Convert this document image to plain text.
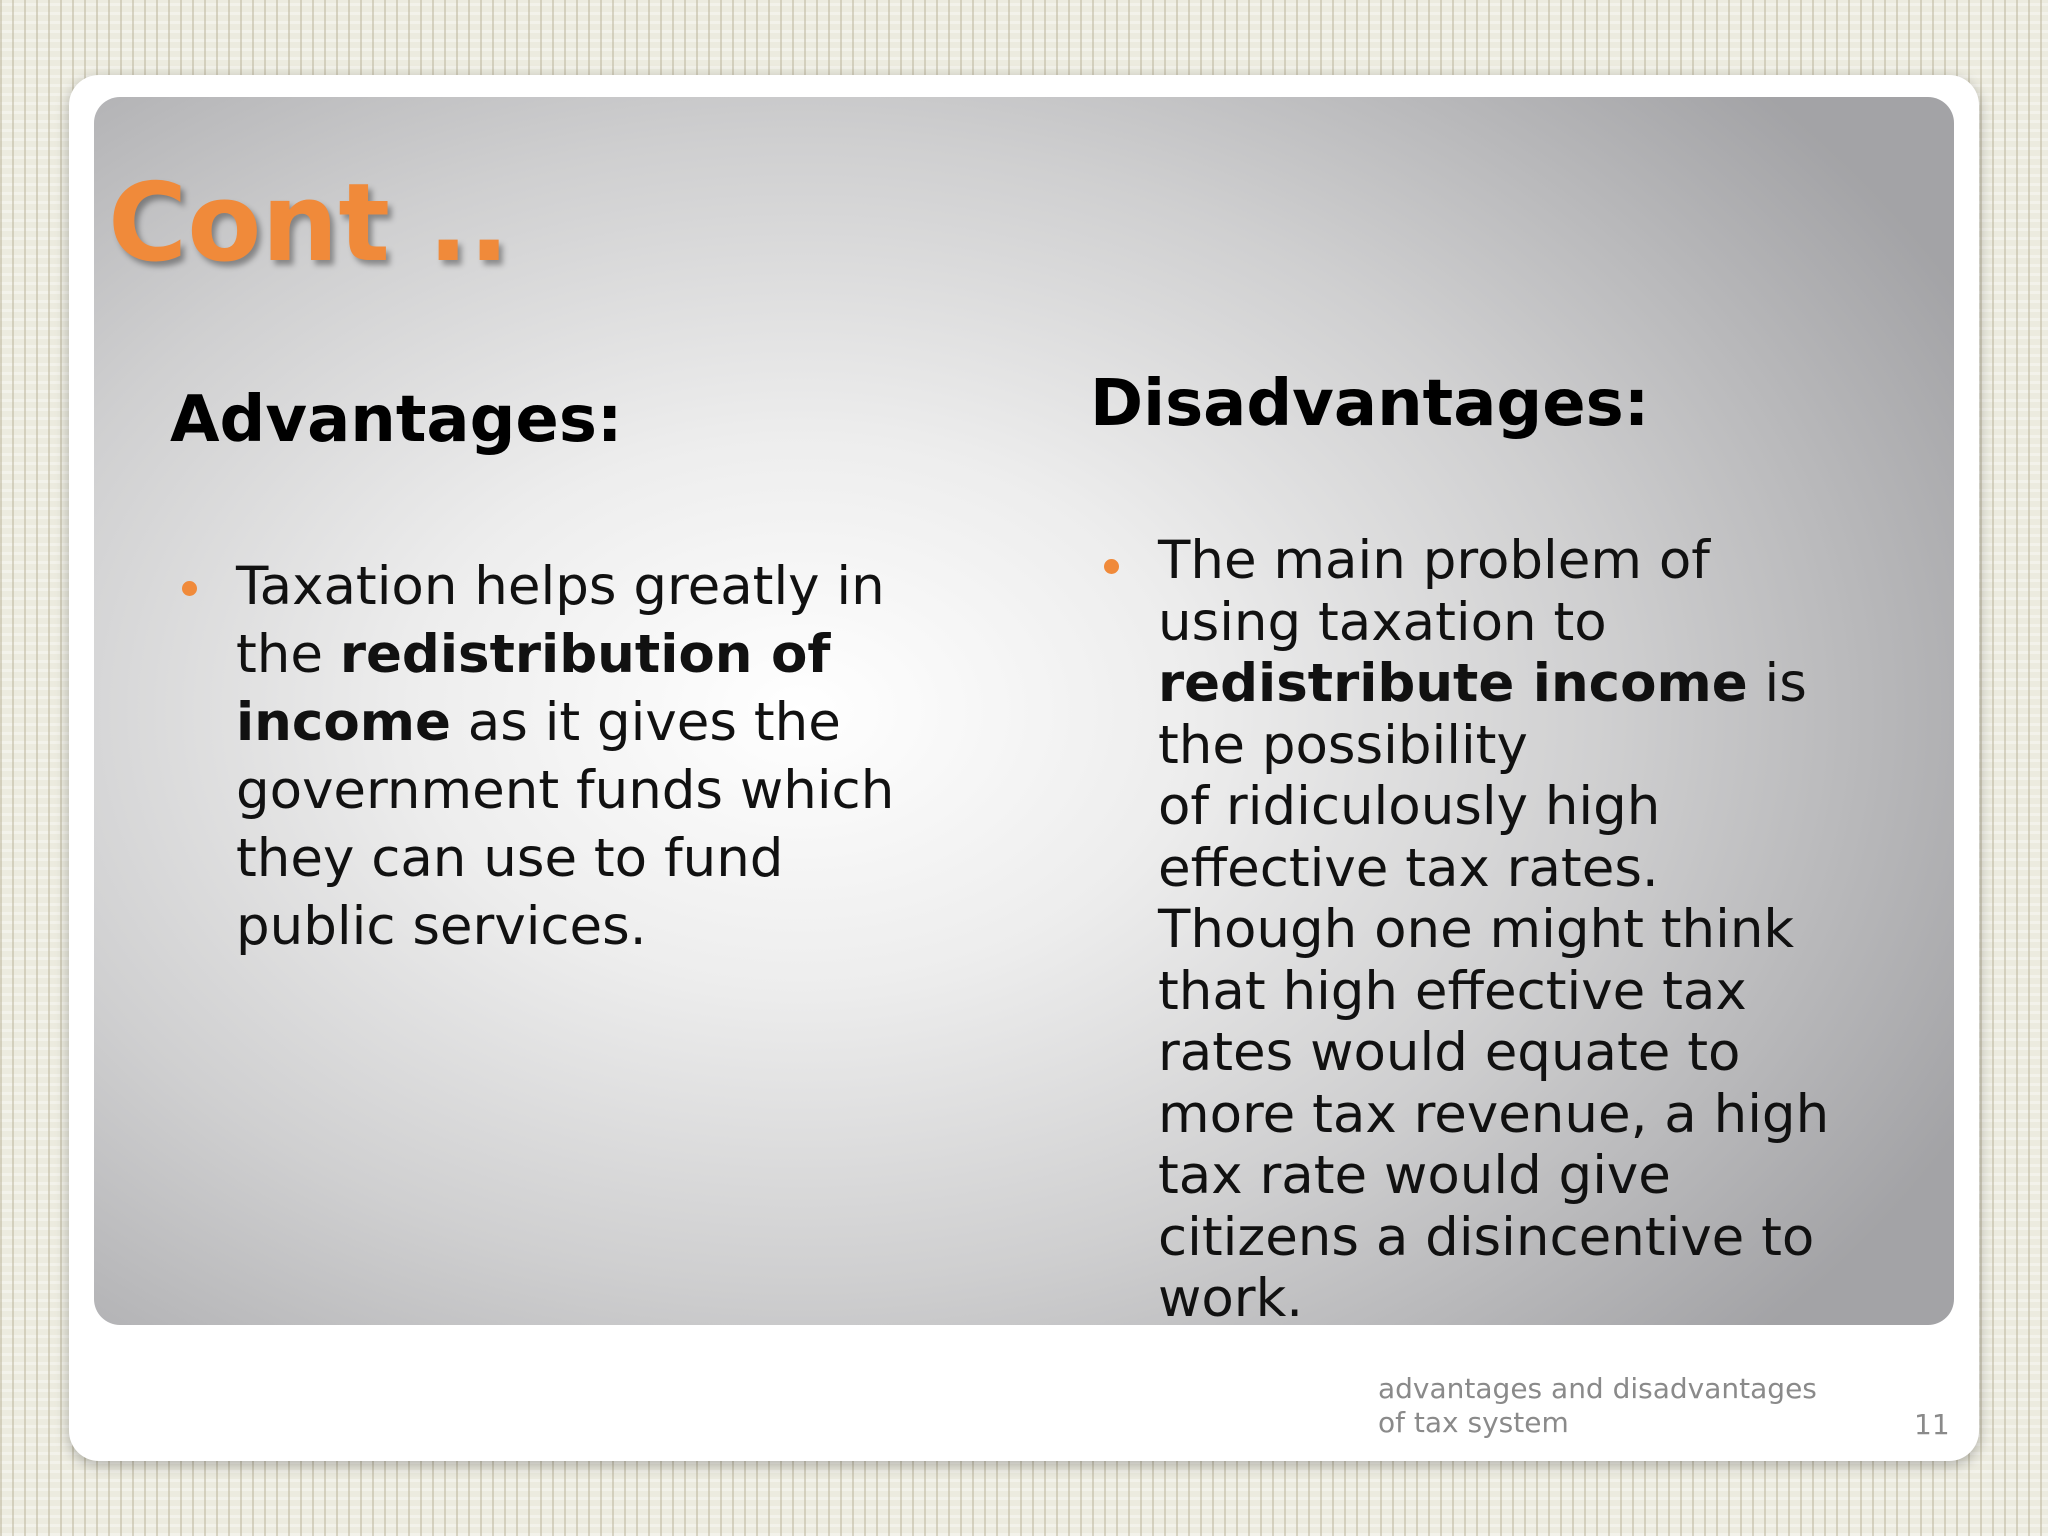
Cont ..
Advantages:	Disadvantages:
Taxation helps greatly in
the redistribution of
income as it gives the
government funds which
they can use to fund
public services.
The main problem of
using taxation to
redistribute income is
the possibility
of ridiculously high
effective tax rates.
Though one might think
that high effective tax
rates would equate to
more tax revenue, a high
tax rate would give
citizens a disincentive to
work.
advantages and disadvantages
of tax system	11
